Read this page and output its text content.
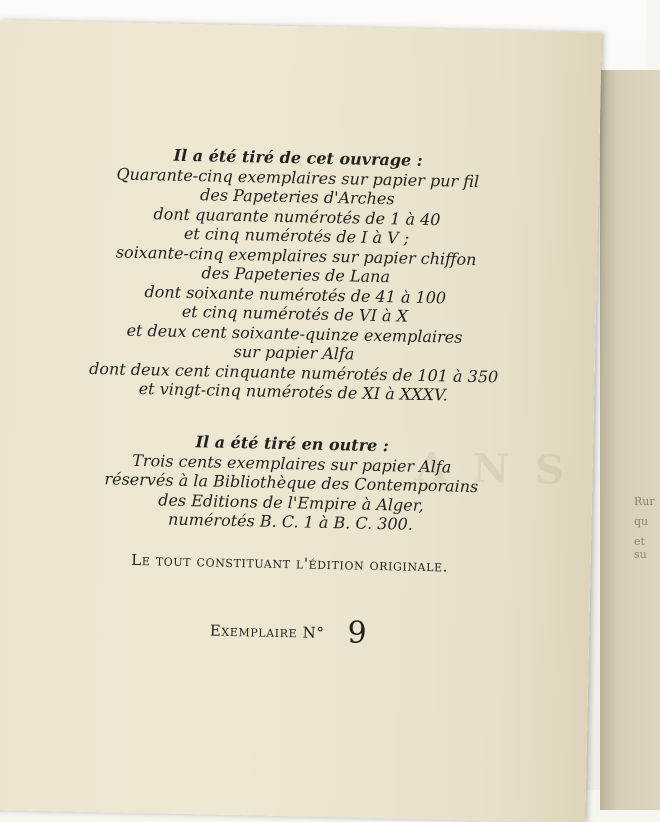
Rur
qu
et su
A N S
Il a été tiré de cet ouvrage :
Quarante-cinq exemplaires sur papier pur fil
des Papeteries d'Arches
dont quarante numérotés de 1 à 40
et cinq numérotés de I à V ;
soixante-cinq exemplaires sur papier chiffon
des Papeteries de Lana
dont soixante numérotés de 41 à 100
et cinq numérotés de VI à X
et deux cent soixante-quinze exemplaires
sur papier Alfa
dont deux cent cinquante numérotés de 101 à 350
et vingt-cinq numérotés de XI à XXXV.
Il a été tiré en outre :
Trois cents exemplaires sur papier Alfa
réservés à la Bibliothèque des Contemporains
des Editions de l'Empire à Alger,
numérotés B. C. 1 à B. C. 300.
Le tout constituant l'édition originale.
Exemplaire N° 9
